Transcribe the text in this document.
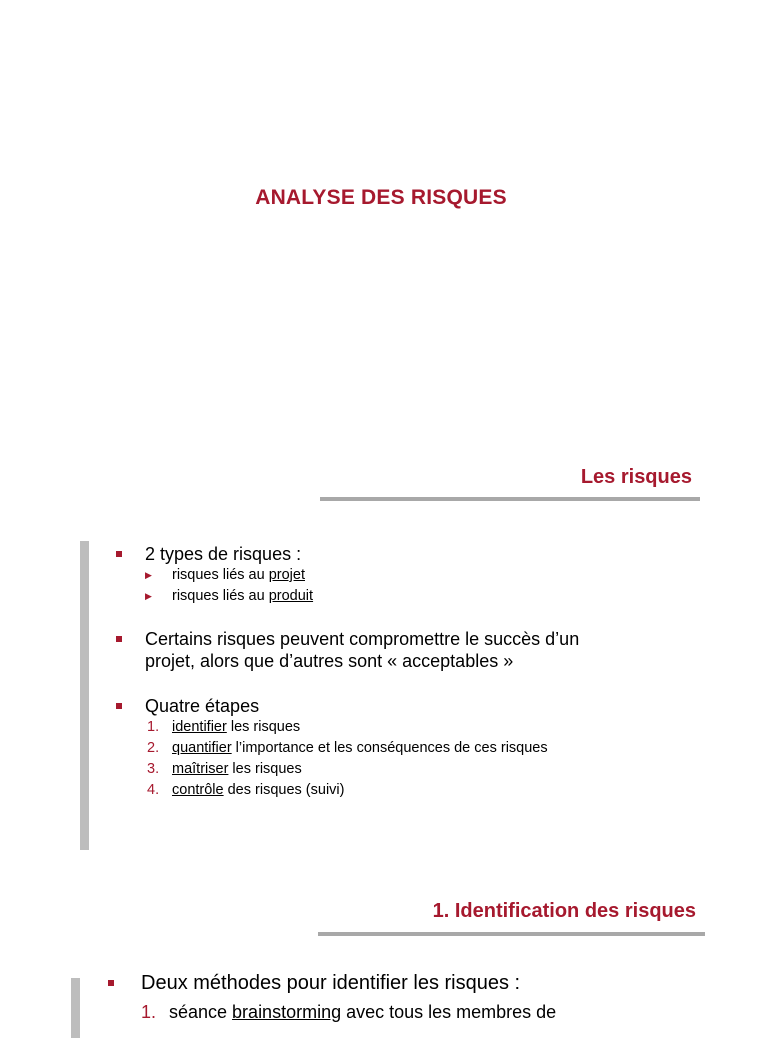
ANALYSE DES RISQUES
Les risques
2 types de risques :
▶ risques liés au projet
▶ risques liés au produit
Certains risques peuvent compromettre le succès d’un
projet, alors que d’autres sont « acceptables »
Quatre étapes
1. identifier les risques
2. quantifier l’importance et les conséquences de ces risques
3. maîtriser les risques
4. contrôle des risques (suivi)
1. Identification des risques
Deux méthodes pour identifier les risques :
1. séance brainstorming avec tous les membres de
